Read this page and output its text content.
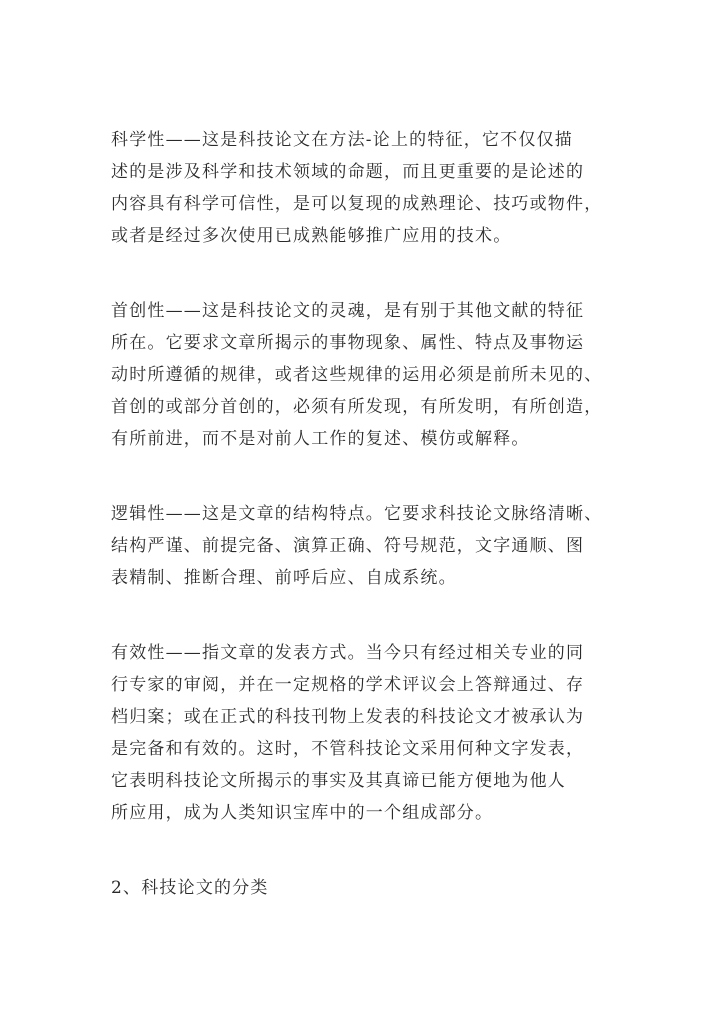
科学性——这是科技论文在方法-论上的特征，它不仅仅描
述的是涉及科学和技术领域的命题，而且更重要的是论述的
内容具有科学可信性，是可以复现的成熟理论、技巧或物件，
或者是经过多次使用已成熟能够推广应用的技术。
首创性——这是科技论文的灵魂，是有别于其他文献的特征
所在。它要求文章所揭示的事物现象、属性、特点及事物运
动时所遵循的规律，或者这些规律的运用必须是前所未见的、
首创的或部分首创的，必须有所发现，有所发明，有所创造，
有所前进，而不是对前人工作的复述、模仿或解释。
逻辑性——这是文章的结构特点。它要求科技论文脉络清晰、
结构严谨、前提完备、演算正确、符号规范，文字通顺、图
表精制、推断合理、前呼后应、自成系统。
有效性——指文章的发表方式。当今只有经过相关专业的同
行专家的审阅，并在一定规格的学术评议会上答辩通过、存
档归案；或在正式的科技刊物上发表的科技论文才被承认为
是完备和有效的。这时，不管科技论文采用何种文字发表，
它表明科技论文所揭示的事实及其真谛已能方便地为他人
所应用，成为人类知识宝库中的一个组成部分。
2、科技论文的分类
